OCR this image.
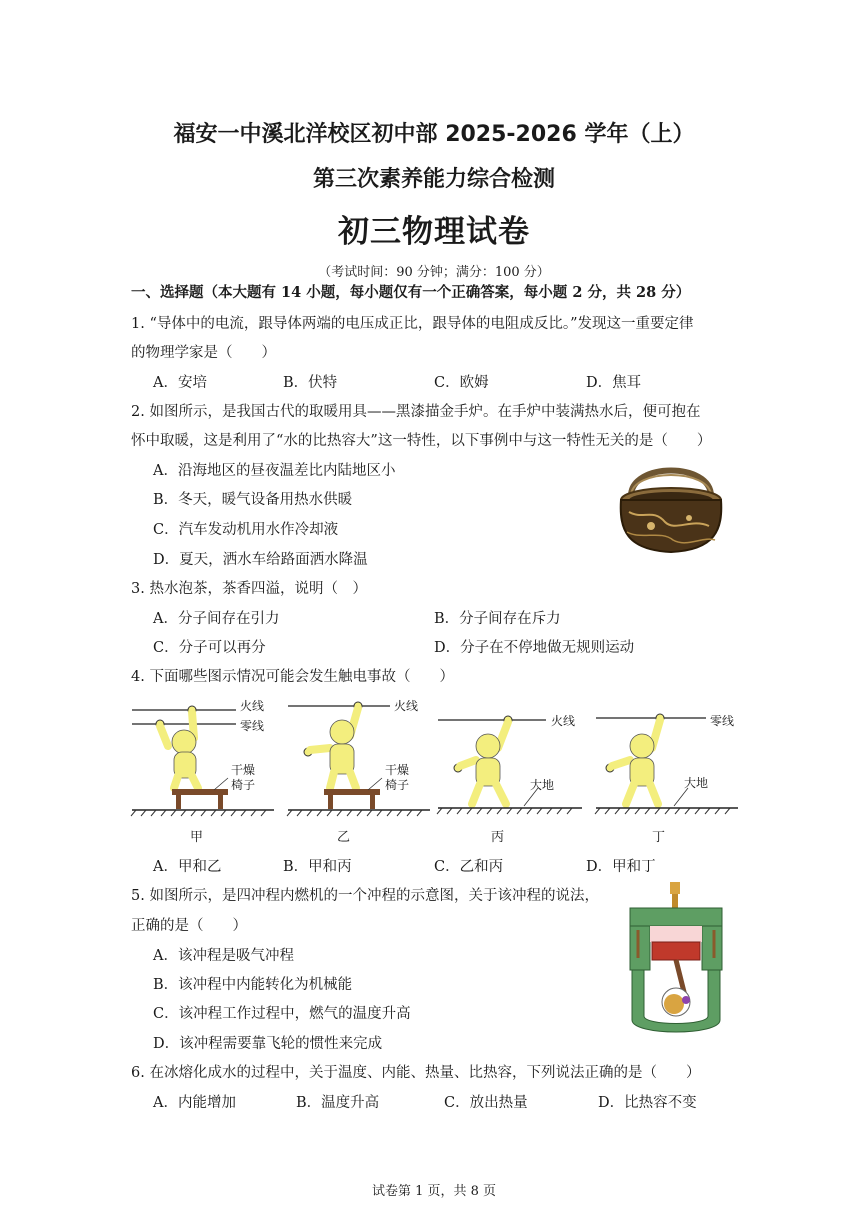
福安一中溪北洋校区初中部 2025-2026 学年（上）
第三次素养能力综合检测
初三物理试卷
（考试时间：90 分钟；满分：100 分）
一、选择题（本大题有 14 小题，每小题仅有一个正确答案，每小题 2 分，共 28 分）
1. “导体中的电流，跟导体两端的电压成正比，跟导体的电阻成反比。”发现这一重要定律
的物理学家是（　　）
A．安培	B．伏特	C．欧姆	D．焦耳
2. 如图所示，是我国古代的取暖用具——黑漆描金手炉。在手炉中装满热水后，便可抱在
怀中取暖，这是利用了“水的比热容大”这一特性，以下事例中与这一特性无关的是（　　）
A．沿海地区的昼夜温差比内陆地区小
B．冬天，暖气设备用热水供暖
C．汽车发动机用水作冷却液
D．夏天，洒水车给路面洒水降温
3. 热水泡茶，茶香四溢，说明（　）
A．分子间存在引力	B．分子间存在斥力
C．分子可以再分	D．分子在不停地做无规则运动
4. 下面哪些图示情况可能会发生触电事故（　　）
火线
零线
干燥
椅子
火线
干燥
椅子
火线
大地
零线
大地
甲	乙	丙	丁
A．甲和乙	B．甲和丙	C．乙和丙	D．甲和丁
5. 如图所示，是四冲程内燃机的一个冲程的示意图，关于该冲程的说法，
正确的是（　　）
A．该冲程是吸气冲程
B．该冲程中内能转化为机械能
C．该冲程工作过程中，燃气的温度升高
D．该冲程需要靠飞轮的惯性来完成
6. 在冰熔化成水的过程中，关于温度、内能、热量、比热容，下列说法正确的是（　　）
A．内能增加	B．温度升高	C．放出热量	D．比热容不变
试卷第 1 页，共 8 页
